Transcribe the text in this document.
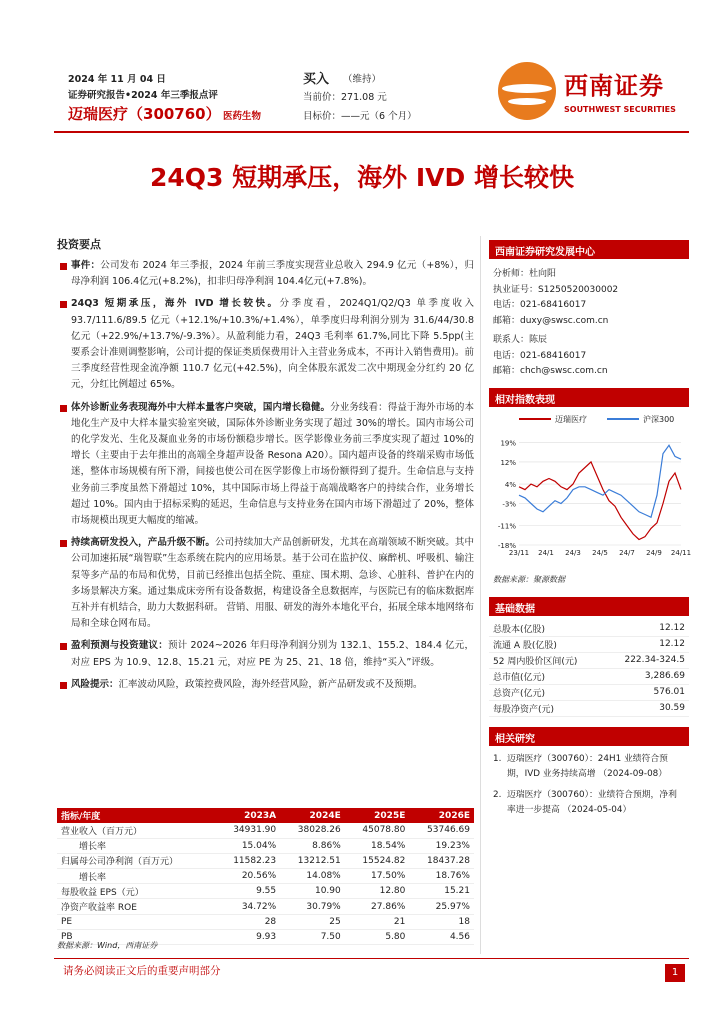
2024 年 11 月 04 日
证券研究报告•2024 年三季报点评
迈瑞医疗（300760） 医药生物
买入 （维持）
当前价：271.08 元
目标价：——元（6 个月）
西南证券
SOUTHWEST SECURITIES
24Q3 短期承压，海外 IVD 增长较快
投资要点
事件：公司发布 2024 年三季报，2024 年前三季度实现营业总收入 294.9 亿元（+8%），归母净利润 106.4亿元(+8.2%)，扣非归母净利润 104.4亿元(+7.8%)。
24Q3 短期承压，海外 IVD 增长较快。分季度看，2024Q1/Q2/Q3 单季度收入 93.7/111.6/89.5 亿元（+12.1%/+10.3%/+1.4%），单季度归母利润分别为 31.6/44/30.8 亿元（+22.9%/+13.7%/-9.3%）。从盈利能力看，24Q3 毛利率 61.7%,同比下降 5.5pp(主要系会计准则调整影响，公司计提的保证类质保费用计入主营业务成本，不再计入销售费用)。前三季度经营性现金流净额 110.7 亿元(+42.5%)，向全体股东派发二次中期现金分红约 20 亿元，分红比例超过 65%。
体外诊断业务表现海外中大样本量客户突破，国内增长稳健。分业务线看：得益于海外市场的本地化生产及中大样本量实验室突破，国际体外诊断业务实现了超过 30%的增长。国内市场公司的化学发光、生化及凝血业务的市场份额稳步增长。医学影像业务前三季度实现了超过 10%的增长（主要由于去年推出的高端全身超声设备 Resona A20）。国内超声设备的终端采购市场低迷，整体市场规模有所下滑，间接也使公司在医学影像上市场份额得到了提升。生命信息与支持业务前三季度虽然下滑超过 10%，其中国际市场上得益于高端战略客户的持续合作，业务增长超过 10%。国内由于招标采购的延迟，生命信息与支持业务在国内市场下滑超过了 20%，整体市场规模出现更大幅度的缩减。
持续高研发投入，产品升级不断。公司持续加大产品创新研发，尤其在高端领域不断突破。其中公司加速拓展“瑞智联”生态系统在院内的应用场景。基于公司在监护仪、麻醉机、呼吸机、输注泵等多产品的布局和优势，目前已经推出包括全院、重症、围术期、急诊、心脏科、普护在内的多场景解决方案。通过集成床旁所有设备数据，构建设备全息数据库，与医院已有的临床数据库互补并有机结合，助力大数据科研。 营销、用服、研发的海外本地化平台，拓展全球本地网络布局和全球仓网布局。
盈利预测与投资建议：预计 2024~2026 年归母净利润分别为 132.1、155.2、184.4 亿元，对应 EPS 为 10.9、12.8、15.21 元，对应 PE 为 25、21、18 倍，维持“买入”评级。
风险提示：汇率波动风险，政策控费风险，海外经营风险，新产品研发或不及预期。
西南证券研究发展中心
分析师：杜向阳
执业证号：S1250520030002
电话：021-68416017
邮箱：duxy@swsc.com.cn
联系人：陈辰
电话：021-68416017
邮箱：chch@swsc.com.cn
相对指数表现
迈瑞医疗	沪深300
19%
12%
4%
-3%
-11%
-18%
23/11 24/1 24/3 24/5 24/7 24/9 24/11
数据来源：聚源数据
基础数据
总股本(亿股)	12.12
流通 A 股(亿股)	12.12
52 周内股价区间(元)	222.34-324.5
总市值(亿元)	3,286.69
总资产(亿元)	576.01
每股净资产(元)	30.59
相关研究
1. 迈瑞医疗（300760）：24H1 业绩符合预期，IVD 业务持续高增 （2024-09-08）
2. 迈瑞医疗（300760）：业绩符合预期，净利率进一步提高 （2024-05-04）
指标/年度	2023A	2024E	2025E	2026E
营业收入（百万元）	34931.90	38028.26	45078.80	53746.69
增长率	15.04%	8.86%	18.54%	19.23%
归属母公司净利润（百万元）	11582.23	13212.51	15524.82	18437.28
增长率	20.56%	14.08%	17.50%	18.76%
每股收益 EPS（元）	9.55	10.90	12.80	15.21
净资产收益率 ROE	34.72%	30.79%	27.86%	25.97%
PE	28	25	21	18
PB	9.93	7.50	5.80	4.56
数据来源：Wind，西南证券
请务必阅读正文后的重要声明部分	1
